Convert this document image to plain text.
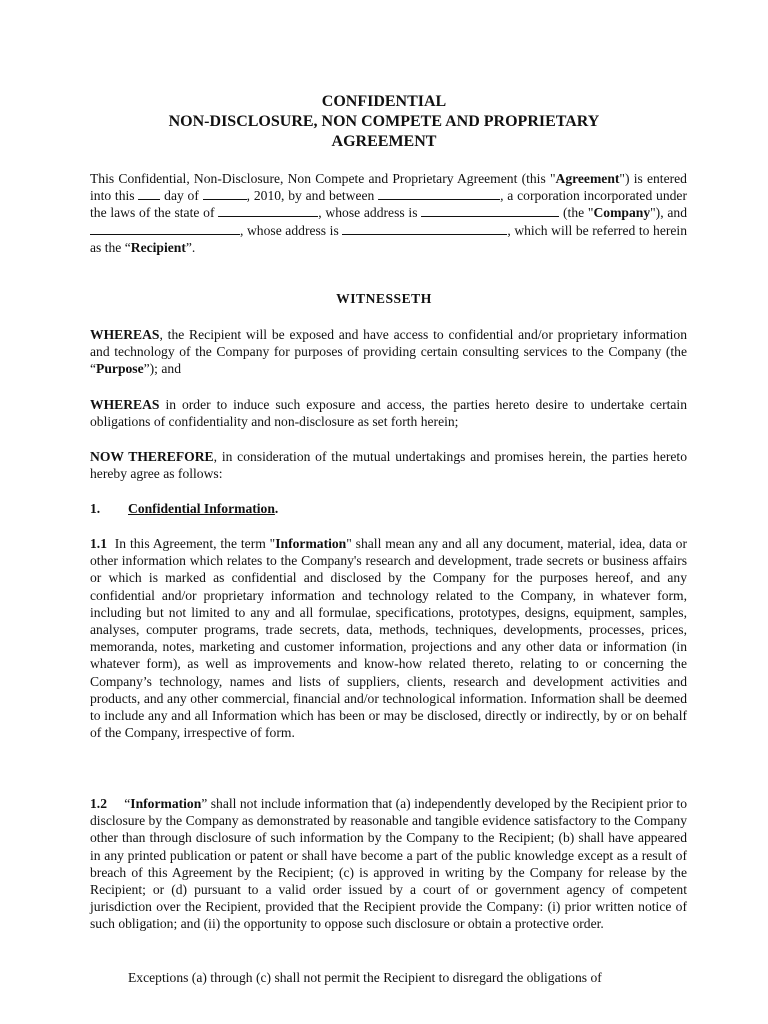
CONFIDENTIAL
NON-DISCLOSURE, NON COMPETE AND PROPRIETARY
AGREEMENT
This Confidential, Non-Disclosure, Non Compete and Proprietary Agreement (this "Agreement") is entered into this  day of	, 2010, by and between	, a corporation incorporated under the laws of the state of	, whose address is	(the "Company"), and , whose address is	, which will be referred to herein as the “Recipient”.
WITNESSETH
WHEREAS, the Recipient will be exposed and have access to confidential and/or proprietary information and technology of the Company for purposes of providing certain consulting services to the Company (the “Purpose”); and
WHEREAS in order to induce such exposure and access, the parties hereto desire to undertake certain obligations of confidentiality and non-disclosure as set forth herein;
NOW THEREFORE, in consideration of the mutual undertakings and promises herein, the parties hereto hereby agree as follows:
1. Confidential Information.
1.1  In this Agreement, the term "Information" shall mean any and all any document, material, idea, data or other information which relates to the Company's research and development, trade secrets or business affairs or which is marked as confidential and disclosed by the Company for the purposes hereof, and any confidential and/or proprietary information and technology related to the Company, in whatever form, including but not limited to any and all formulae, specifications, prototypes, designs, equipment, samples, analyses, computer programs, trade secrets, data, methods, techniques, developments, processes, prices, memoranda, notes, marketing and customer information, projections and any other data or information (in whatever form), as well as improvements and know-how related thereto, relating to or concerning the Company’s technology, names and lists of suppliers, clients, research and development activities and products, and any other commercial, financial and/or technological information. Information shall be deemed to include any and all Information which has been or may be disclosed, directly or indirectly, by or on behalf of the Company, irrespective of form.
1.2     “Information” shall not include information that (a) independently developed by the Recipient prior to disclosure by the Company as demonstrated by reasonable and tangible evidence satisfactory to the Company other than through disclosure of such information by the Company to the Recipient; (b) shall have appeared in any printed publication or patent or shall have become a part of the public knowledge except as a result of breach of this Agreement by the Recipient; (c) is approved in writing by the Company for release by the Recipient; or (d) pursuant to a valid order issued by a court of or government agency of competent jurisdiction over the Recipient, provided that the Recipient provide the Company: (i) prior written notice of such obligation; and (ii) the opportunity to oppose such disclosure or obtain a protective order.
Exceptions (a) through (c) shall not permit the Recipient to disregard the obligations of
